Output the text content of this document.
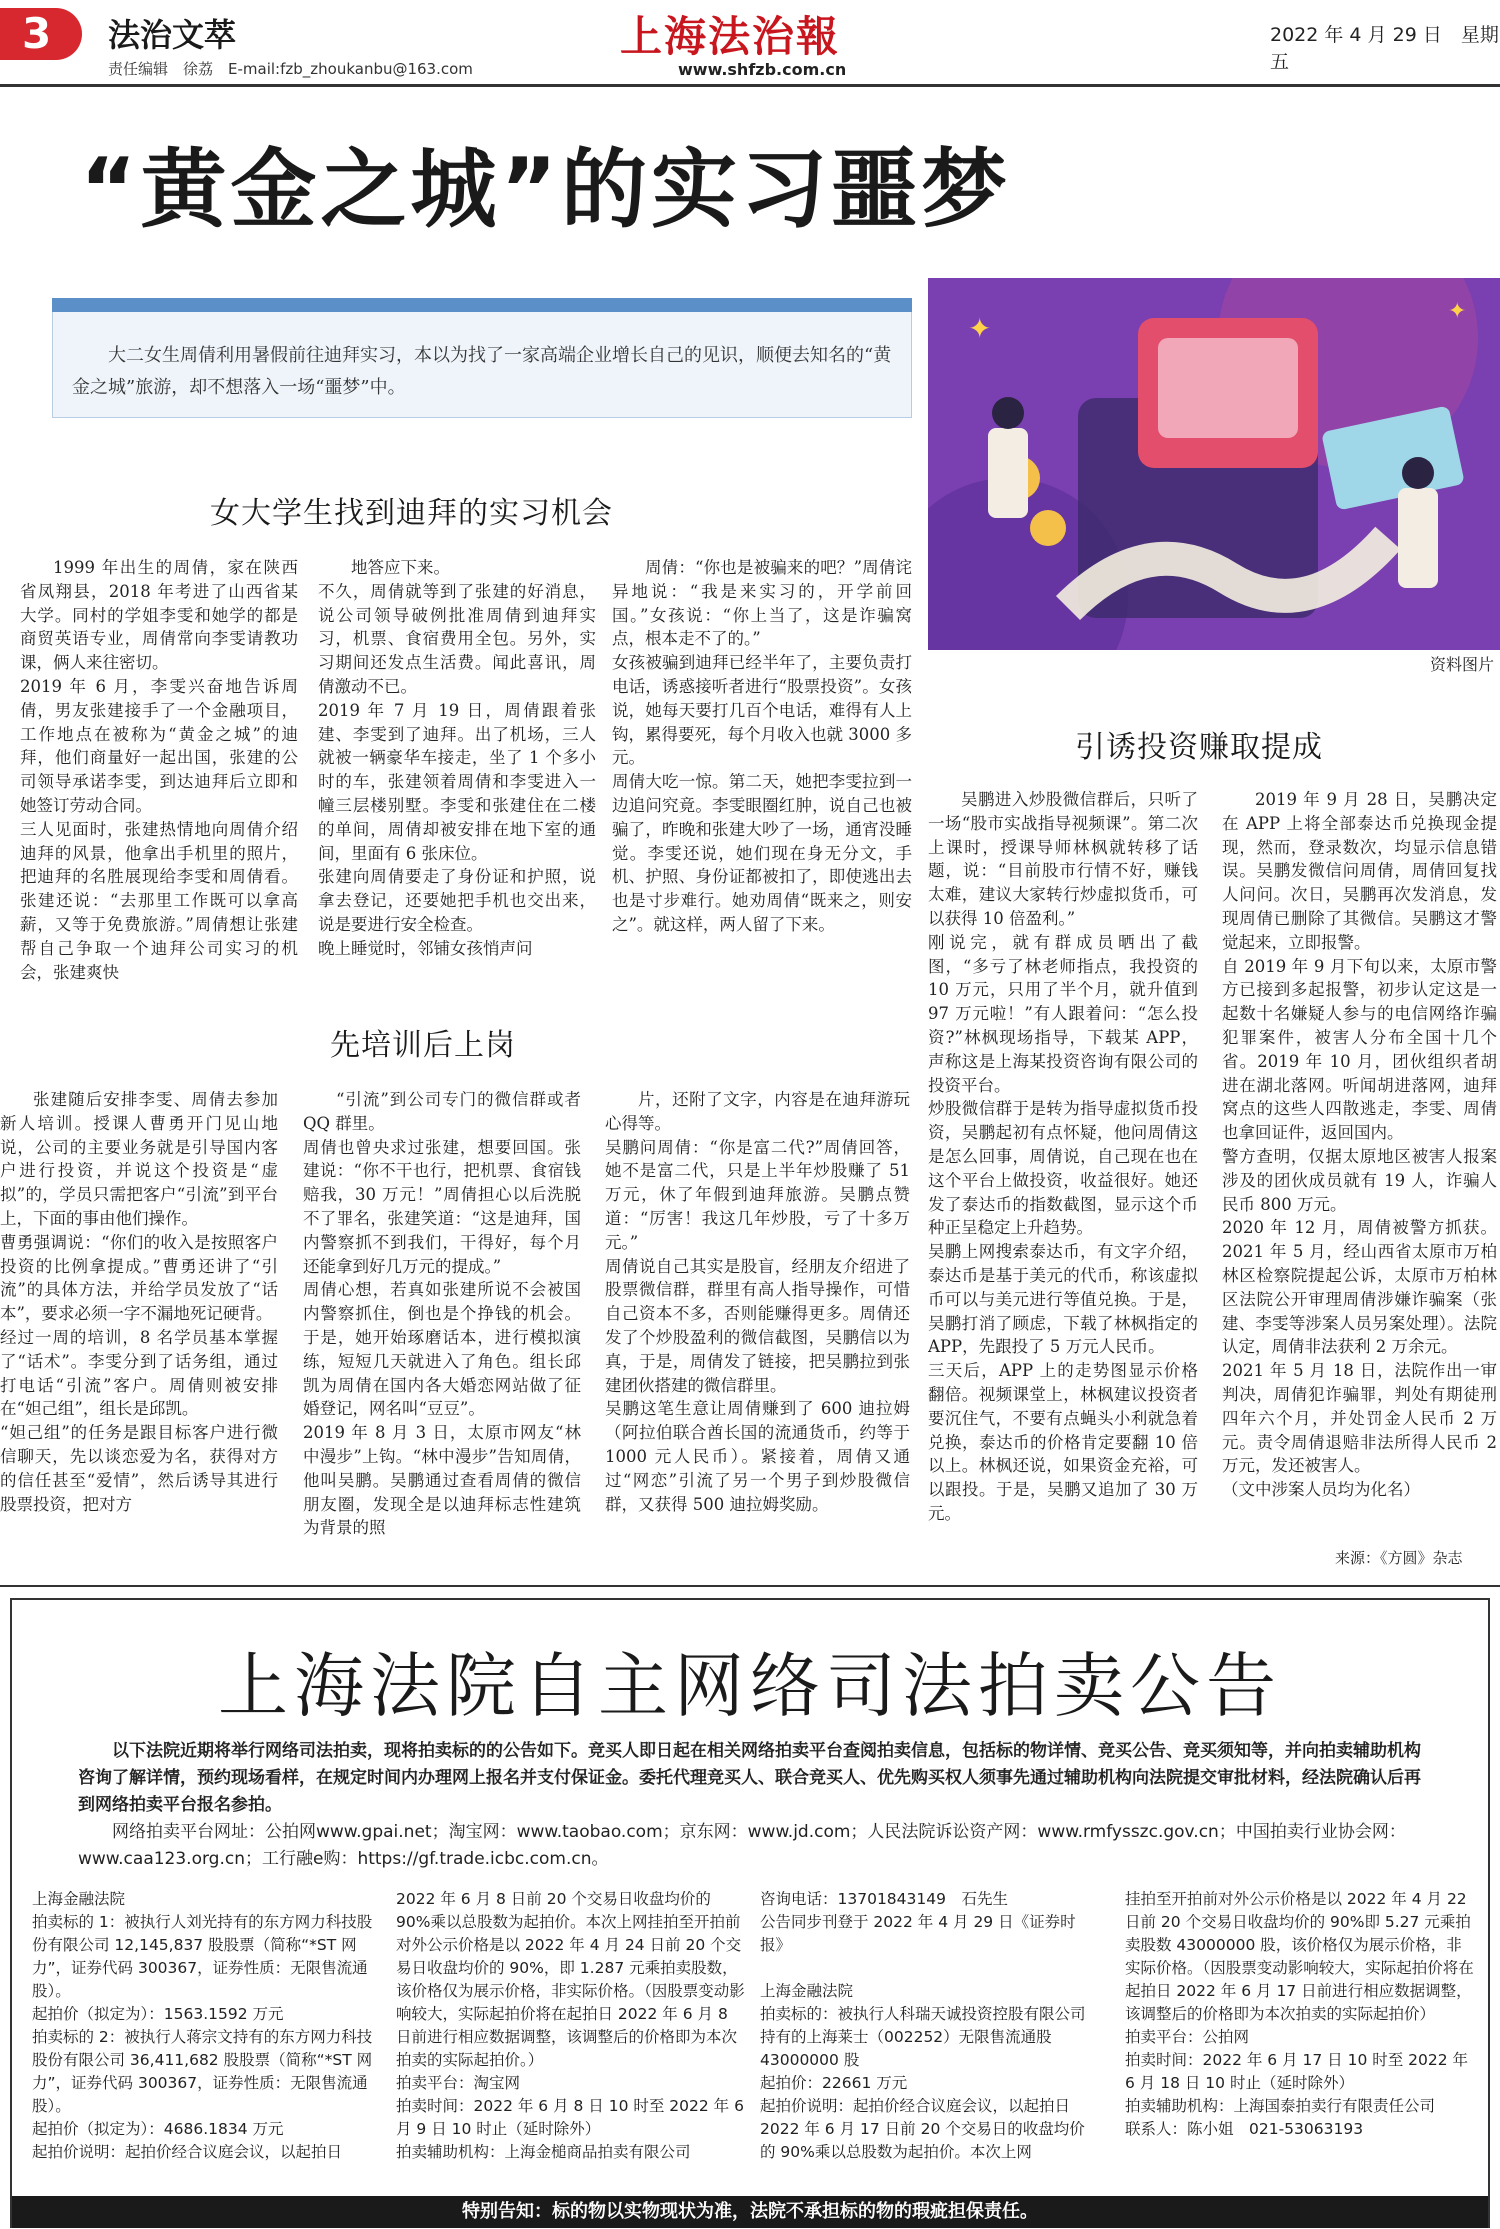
3	法治文萃
责任编辑　徐荔　E-mail:fzb_zhoukanbu@163.com
上海法治報
www.shfzb.com.cn
2022 年 4 月 29 日　星期五
“黄金之城”的实习噩梦
大二女生周倩利用暑假前往迪拜实习，本以为找了一家高端企业增长自己的见识，顺便去知名的“黄金之城”旅游，却不想落入一场“噩梦”中。
✦
✦
资料图片
女大学生找到迪拜的实习机会

1999 年出生的周倩，家在陕西省凤翔县，2018 年考进了山西省某大学。同村的学姐李雯和她学的都是商贸英语专业，周倩常向李雯请教功课，俩人来往密切。
2019 年 6 月，李雯兴奋地告诉周倩，男友张建接手了一个金融项目，工作地点在被称为“黄金之城”的迪拜，他们商量好一起出国，张建的公司领导承诺李雯，到达迪拜后立即和她签订劳动合同。
三人见面时，张建热情地向周倩介绍迪拜的风景，他拿出手机里的照片，把迪拜的名胜展现给李雯和周倩看。张建还说：“去那里工作既可以拿高薪，又等于免费旅游。”周倩想让张建帮自己争取一个迪拜公司实习的机会，张建爽快

地答应下来。
不久，周倩就等到了张建的好消息，说公司领导破例批准周倩到迪拜实习，机票、食宿费用全包。另外，实习期间还发点生活费。闻此喜讯，周倩激动不已。
2019 年 7 月 19 日，周倩跟着张建、李雯到了迪拜。出了机场，三人就被一辆豪华车接走，坐了 1 个多小时的车，张建领着周倩和李雯进入一幢三层楼别墅。李雯和张建住在二楼的单间，周倩却被安排在地下室的通间，里面有 6 张床位。
张建向周倩要走了身份证和护照，说拿去登记，还要她把手机也交出来，说是要进行安全检查。
晚上睡觉时，邻铺女孩悄声问

周倩：“你也是被骗来的吧？”周倩诧异地说：“我是来实习的，开学前回国。”女孩说：“你上当了，这是诈骗窝点，根本走不了的。”
女孩被骗到迪拜已经半年了，主要负责打电话，诱惑接听者进行“股票投资”。女孩说，她每天要打几百个电话，难得有人上钩，累得要死，每个月收入也就 3000 多元。
周倩大吃一惊。第二天，她把李雯拉到一边追问究竟。李雯眼圈红肿，说自己也被骗了，昨晚和张建大吵了一场，通宵没睡觉。李雯还说，她们现在身无分文，手机、护照、身份证都被扣了，即使逃出去也是寸步难行。她劝周倩“既来之，则安之”。就这样，两人留了下来。

先培训后上岗

张建随后安排李雯、周倩去参加新人培训。授课人曹勇开门见山地说，公司的主要业务就是引导国内客户进行投资，并说这个投资是“虚拟”的，学员只需把客户“引流”到平台上，下面的事由他们操作。
曹勇强调说：“你们的收入是按照客户投资的比例拿提成。”曹勇还讲了“引流”的具体方法，并给学员发放了“话本”，要求必须一字不漏地死记硬背。
经过一周的培训，8 名学员基本掌握了“话术”。李雯分到了话务组，通过打电话“引流”客户。周倩则被安排在“妲己组”，组长是邱凯。
“妲己组”的任务是跟目标客户进行微信聊天，先以谈恋爱为名，获得对方的信任甚至“爱情”，然后诱导其进行股票投资，把对方

“引流”到公司专门的微信群或者 QQ 群里。
周倩也曾央求过张建，想要回国。张建说：“你不干也行，把机票、食宿钱赔我，30 万元！”周倩担心以后洗脱不了罪名，张建笑道：“这是迪拜，国内警察抓不到我们，干得好，每个月还能拿到好几万元的提成。”
周倩心想，若真如张建所说不会被国内警察抓住，倒也是个挣钱的机会。于是，她开始琢磨话本，进行模拟演练，短短几天就进入了角色。组长邱凯为周倩在国内各大婚恋网站做了征婚登记，网名叫“豆豆”。
2019 年 8 月 3 日，太原市网友“林中漫步”上钩。“林中漫步”告知周倩，他叫吴鹏。吴鹏通过查看周倩的微信朋友圈，发现全是以迪拜标志性建筑为背景的照

片，还附了文字，内容是在迪拜游玩心得等。
吴鹏问周倩：“你是富二代?”周倩回答，她不是富二代，只是上半年炒股赚了 51 万元，休了年假到迪拜旅游。吴鹏点赞道：“厉害！我这几年炒股，亏了十多万元。”
周倩说自己其实是股盲，经朋友介绍进了股票微信群，群里有高人指导操作，可惜自己资本不多，否则能赚得更多。周倩还发了个炒股盈利的微信截图，吴鹏信以为真，于是，周倩发了链接，把吴鹏拉到张建团伙搭建的微信群里。
吴鹏这笔生意让周倩赚到了 600 迪拉姆（阿拉伯联合酋长国的流通货币，约等于 1000 元人民币）。紧接着，周倩又通过“网恋”引流了另一个男子到炒股微信群，又获得 500 迪拉姆奖励。

引诱投资赚取提成

吴鹏进入炒股微信群后，只听了一场“股市实战指导视频课”。第二次上课时，授课导师林枫就转移了话题，说：“目前股市行情不好，赚钱太难，建议大家转行炒虚拟货币，可以获得 10 倍盈利。”
刚说完，就有群成员晒出了截图，“多亏了林老师指点，我投资的 10 万元，只用了半个月，就升值到 97 万元啦！”有人跟着问：“怎么投资?”林枫现场指导，下载某 APP，声称这是上海某投资咨询有限公司的投资平台。
炒股微信群于是转为指导虚拟货币投资，吴鹏起初有点怀疑，他问周倩这是怎么回事，周倩说，自己现在也在这个平台上做投资，收益很好。她还发了泰达币的指数截图，显示这个币种正呈稳定上升趋势。
吴鹏上网搜索泰达币，有文字介绍，泰达币是基于美元的代币，称该虚拟币可以与美元进行等值兑换。于是，吴鹏打消了顾虑，下载了林枫指定的 APP，先跟投了 5 万元人民币。
三天后，APP 上的走势图显示价格翻倍。视频课堂上，林枫建议投资者要沉住气，不要有点蝇头小利就急着兑换，泰达币的价格肯定要翻 10 倍以上。林枫还说，如果资金充裕，可以跟投。于是，吴鹏又追加了 30 万元。

2019 年 9 月 28 日，吴鹏决定在 APP 上将全部泰达币兑换现金提现，然而，登录数次，均显示信息错误。吴鹏发微信问周倩，周倩回复找人问问。次日，吴鹏再次发消息，发现周倩已删除了其微信。吴鹏这才警觉起来，立即报警。
自 2019 年 9 月下旬以来，太原市警方已接到多起报警，初步认定这是一起数十名嫌疑人参与的电信网络诈骗犯罪案件，被害人分布全国十几个省。2019 年 10 月，团伙组织者胡进在湖北落网。听闻胡进落网，迪拜窝点的这些人四散逃走，李雯、周倩也拿回证件，返回国内。
警方查明，仅据太原地区被害人报案涉及的团伙成员就有 19 人，诈骗人民币 800 万元。
2020 年 12 月，周倩被警方抓获。2021 年 5 月，经山西省太原市万柏林区检察院提起公诉，太原市万柏林区法院公开审理周倩涉嫌诈骗案（张建、李雯等涉案人员另案处理）。法院认定，周倩非法获利 2 万余元。
2021 年 5 月 18 日，法院作出一审判决，周倩犯诈骗罪，判处有期徒刑四年六个月，并处罚金人民币 2 万元。责令周倩退赔非法所得人民币 2 万元，发还被害人。
（文中涉案人员均为化名）

来源：《方圆》杂志
上海法院自主网络司法拍卖公告
以下法院近期将举行网络司法拍卖，现将拍卖标的的公告如下。竞买人即日起在相关网络拍卖平台查阅拍卖信息，包括标的物详情、竞买公告、竞买须知等，并向拍卖辅助机构咨询了解详情，预约现场看样，在规定时间内办理网上报名并支付保证金。委托代理竞买人、联合竞买人、优先购买权人须事先通过辅助机构向法院提交审批材料，经法院确认后再到网络拍卖平台报名参拍。
网络拍卖平台网址：公拍网www.gpai.net；淘宝网：www.taobao.com；京东网：www.jd.com；人民法院诉讼资产网：www.rmfysszc.gov.cn；中国拍卖行业协会网：www.caa123.org.cn；工行融e购：https://gf.trade.icbc.com.cn。
上海金融法院
拍卖标的 1：被执行人刘光持有的东方网力科技股份有限公司 12,145,837 股股票（简称“*ST 网力”，证券代码 300367，证券性质：无限售流通股）。
起拍价（拟定为）：1563.1592 万元
拍卖标的 2：被执行人蒋宗文持有的东方网力科技股份有限公司 36,411,682 股股票（简称“*ST 网力”，证券代码 300367，证券性质：无限售流通股）。
起拍价（拟定为）：4686.1834 万元
起拍价说明：起拍价经合议庭会议，以起拍日
2022 年 6 月 8 日前 20 个交易日收盘均价的 90%乘以总股数为起拍价。本次上网挂拍至开拍前对外公示价格是以 2022 年 4 月 24 日前 20 个交易日收盘均价的 90%，即 1.287 元乘拍卖股数，该价格仅为展示价格，非实际价格。（因股票变动影响较大，实际起拍价将在起拍日 2022 年 6 月 8 日前进行相应数据调整，该调整后的价格即为本次拍卖的实际起拍价。）
拍卖平台：淘宝网
拍卖时间：2022 年 6 月 8 日 10 时至 2022 年 6 月 9 日 10 时止（延时除外）
拍卖辅助机构：上海金槌商品拍卖有限公司
咨询电话：13701843149　石先生
公告同步刊登于 2022 年 4 月 29 日《证券时报》

上海金融法院
拍卖标的：被执行人科瑞天诚投资控股有限公司持有的上海莱士（002252）无限售流通股 43000000 股
起拍价：22661 万元
起拍价说明：起拍价经合议庭会议，以起拍日 2022 年 6 月 17 日前 20 个交易日的收盘均价的 90%乘以总股数为起拍价。本次上网
挂拍至开拍前对外公示价格是以 2022 年 4 月 22 日前 20 个交易日收盘均价的 90%即 5.27 元乘拍卖股数 43000000 股，该价格仅为展示价格，非实际价格。（因股票变动影响较大，实际起拍价将在起拍日 2022 年 6 月 17 日前进行相应数据调整，该调整后的价格即为本次拍卖的实际起拍价）
拍卖平台：公拍网
拍卖时间：2022 年 6 月 17 日 10 时至 2022 年 6 月 18 日 10 时止（延时除外）
拍卖辅助机构：上海国泰拍卖行有限责任公司
联系人：陈小姐　021-53063193
特别告知：标的物以实物现状为准，法院不承担标的物的瑕疵担保责任。
